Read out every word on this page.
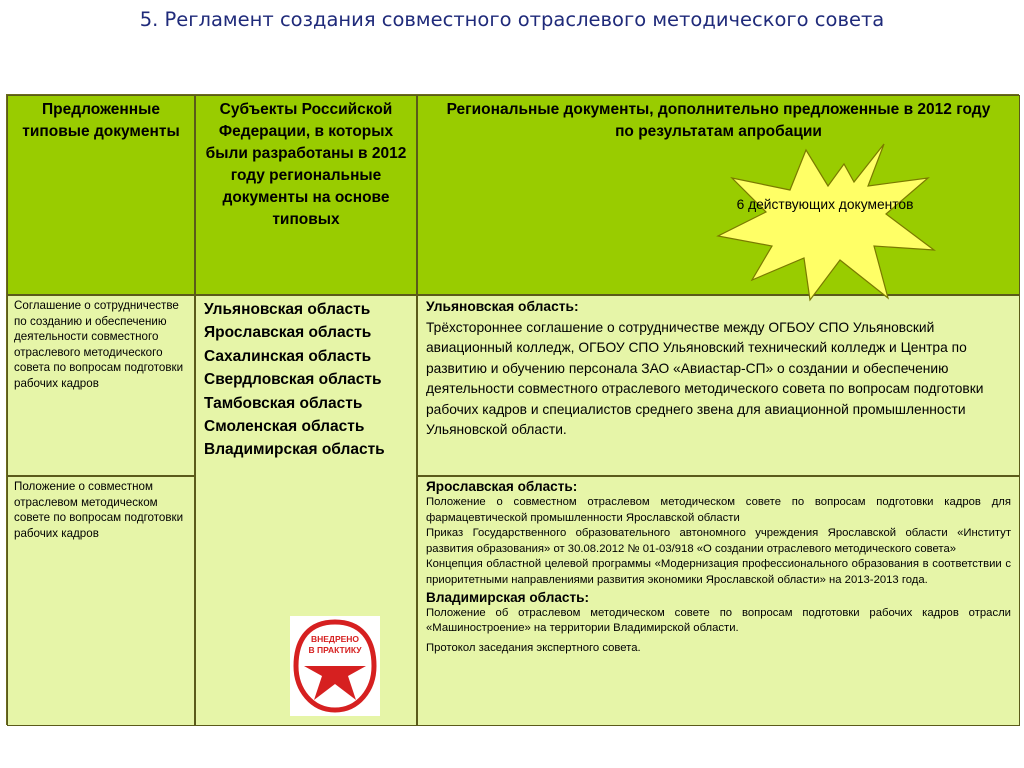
5. Регламент создания совместного отраслевого методического совета
Предложенные типовые документы
Субъекты Российской Федерации, в которых были разработаны в 2012 году региональные документы на основе типовых
Региональные документы, дополнительно предложенные в 2012 году по результатам апробации
Соглашение о сотрудничестве по созданию и обеспечению деятельности совместного отраслевого методического совета по вопросам подготовки рабочих кадров
Положение о совместном отраслевом методическом совете по вопросам подготовки рабочих кадров
Ульяновская область
Ярославская область
Сахалинская область
Свердловская область
Тамбовская область
Смоленская область
Владимирская область
Ульяновская область:
Трёхстороннее соглашение о сотрудничестве между ОГБОУ СПО Ульяновский авиационный колледж, ОГБОУ СПО Ульяновский технический колледж и Центра по развитию и обучению персонала ЗАО «Авиастар-СП» о создании и обеспечению деятельности совместного отраслевого методического совета по вопросам подготовки рабочих кадров и специалистов среднего звена для авиационной промышленности Ульяновской области.
Ярославская область:
Положение о совместном отраслевом методическом совете по вопросам подготовки кадров для фармацевтической промышленности Ярославской области
Приказ Государственного образовательного автономного учреждения Ярославской области «Институт развития образования» от 30.08.2012 № 01-03/918 «О создании отраслевого методического совета»
Концепция областной целевой программы «Модернизация профессионального образования в соответствии с приоритетными направлениями развития экономики Ярославской области» на 2013-2013 года.
Владимирская область:
Положение об отраслевом методическом совете по вопросам подготовки рабочих кадров отрасли «Машиностроение» на территории Владимирской области.
Протокол заседания экспертного совета.
6 действующих документов
ВНЕДРЕНО
В ПРАКТИКУ
